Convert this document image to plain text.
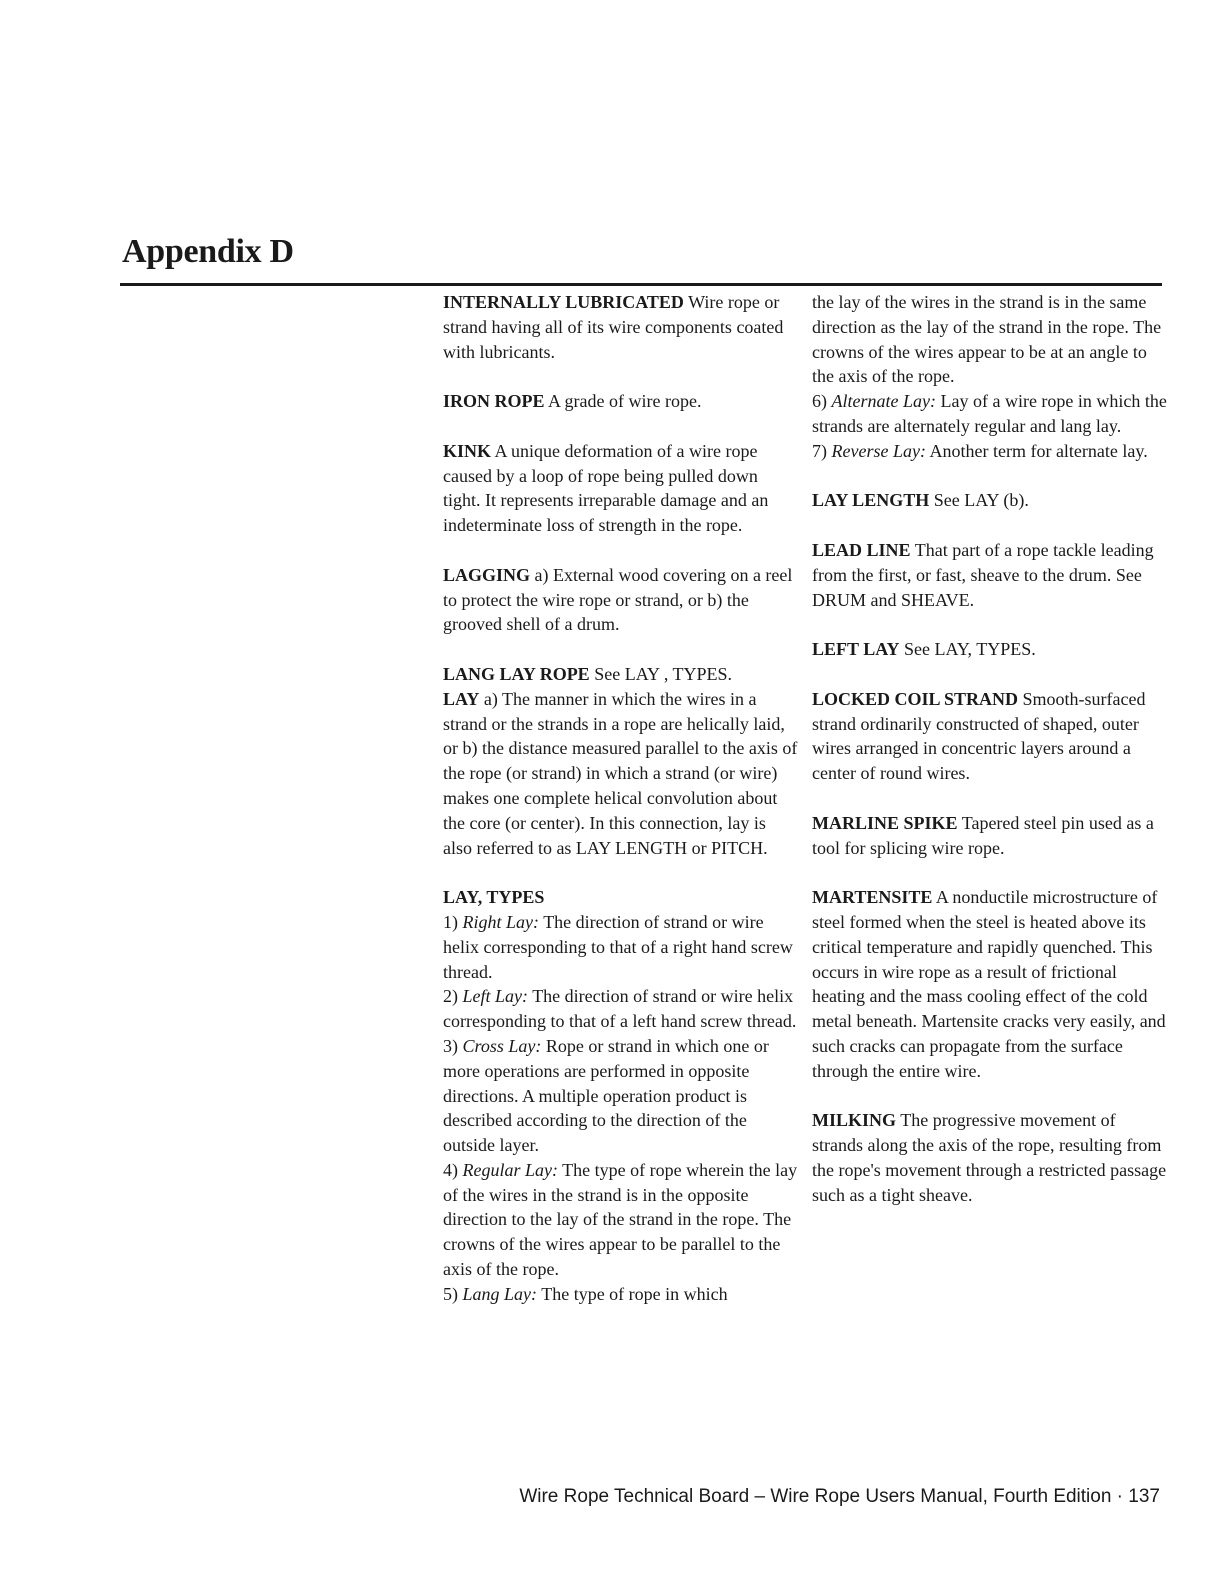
Appendix D

INTERNALLY LUBRICATED Wire rope or strand having all of its wire components coated with lubricants.

IRON ROPE A grade of wire rope.

KINK A unique deformation of a wire rope caused by a loop of rope being pulled down tight. It represents irreparable damage and an indeterminate loss of strength in the rope.

LAGGING a) External wood covering on a reel to protect the wire rope or strand, or b) the grooved shell of a drum.

LANG LAY ROPE See LAY , TYPES.

LAY a) The manner in which the wires in a strand or the strands in a rope are helically laid, or b) the distance measured parallel to the axis of the rope (or strand) in which a strand (or wire) makes one complete helical convolution about the core (or center). In this connection, lay is also referred to as LAY LENGTH or PITCH.

LAY, TYPES

1) Right Lay: The direction of strand or wire helix corresponding to that of a right hand screw thread.

2) Left Lay: The direction of strand or wire helix corresponding to that of a left hand screw thread.

3) Cross Lay: Rope or strand in which one or more operations are performed in opposite directions. A multiple operation product is described according to the direction of the outside layer.

4) Regular Lay: The type of rope wherein the lay of the wires in the strand is in the opposite direction to the lay of the strand in the rope. The crowns of the wires appear to be parallel to the axis of the rope.

5) Lang Lay: The type of rope in which

the lay of the wires in the strand is in the same direction as the lay of the strand in the rope. The crowns of the wires appear to be at an angle to the axis of the rope.

6) Alternate Lay: Lay of a wire rope in which the strands are alternately regular and lang lay.

7) Reverse Lay: Another term for alternate lay.

LAY LENGTH See LAY (b).

LEAD LINE That part of a rope tackle leading from the first, or fast, sheave to the drum. See DRUM and SHEAVE.

LEFT LAY See LAY, TYPES.

LOCKED COIL STRAND Smooth-surfaced strand ordinarily constructed of shaped, outer wires arranged in concentric layers around a center of round wires.

MARLINE SPIKE Tapered steel pin used as a tool for splicing wire rope.

MARTENSITE A nonductile microstructure of steel formed when the steel is heated above its critical temperature and rapidly quenched. This occurs in wire rope as a result of frictional heating and the mass cooling effect of the cold metal beneath. Martensite cracks very easily, and such cracks can propagate from the surface through the entire wire.

MILKING The progressive movement of strands along the axis of the rope, resulting from the rope's movement through a restricted passage such as a tight sheave.

Wire Rope Technical Board – Wire Rope Users Manual, Fourth Edition · 137
